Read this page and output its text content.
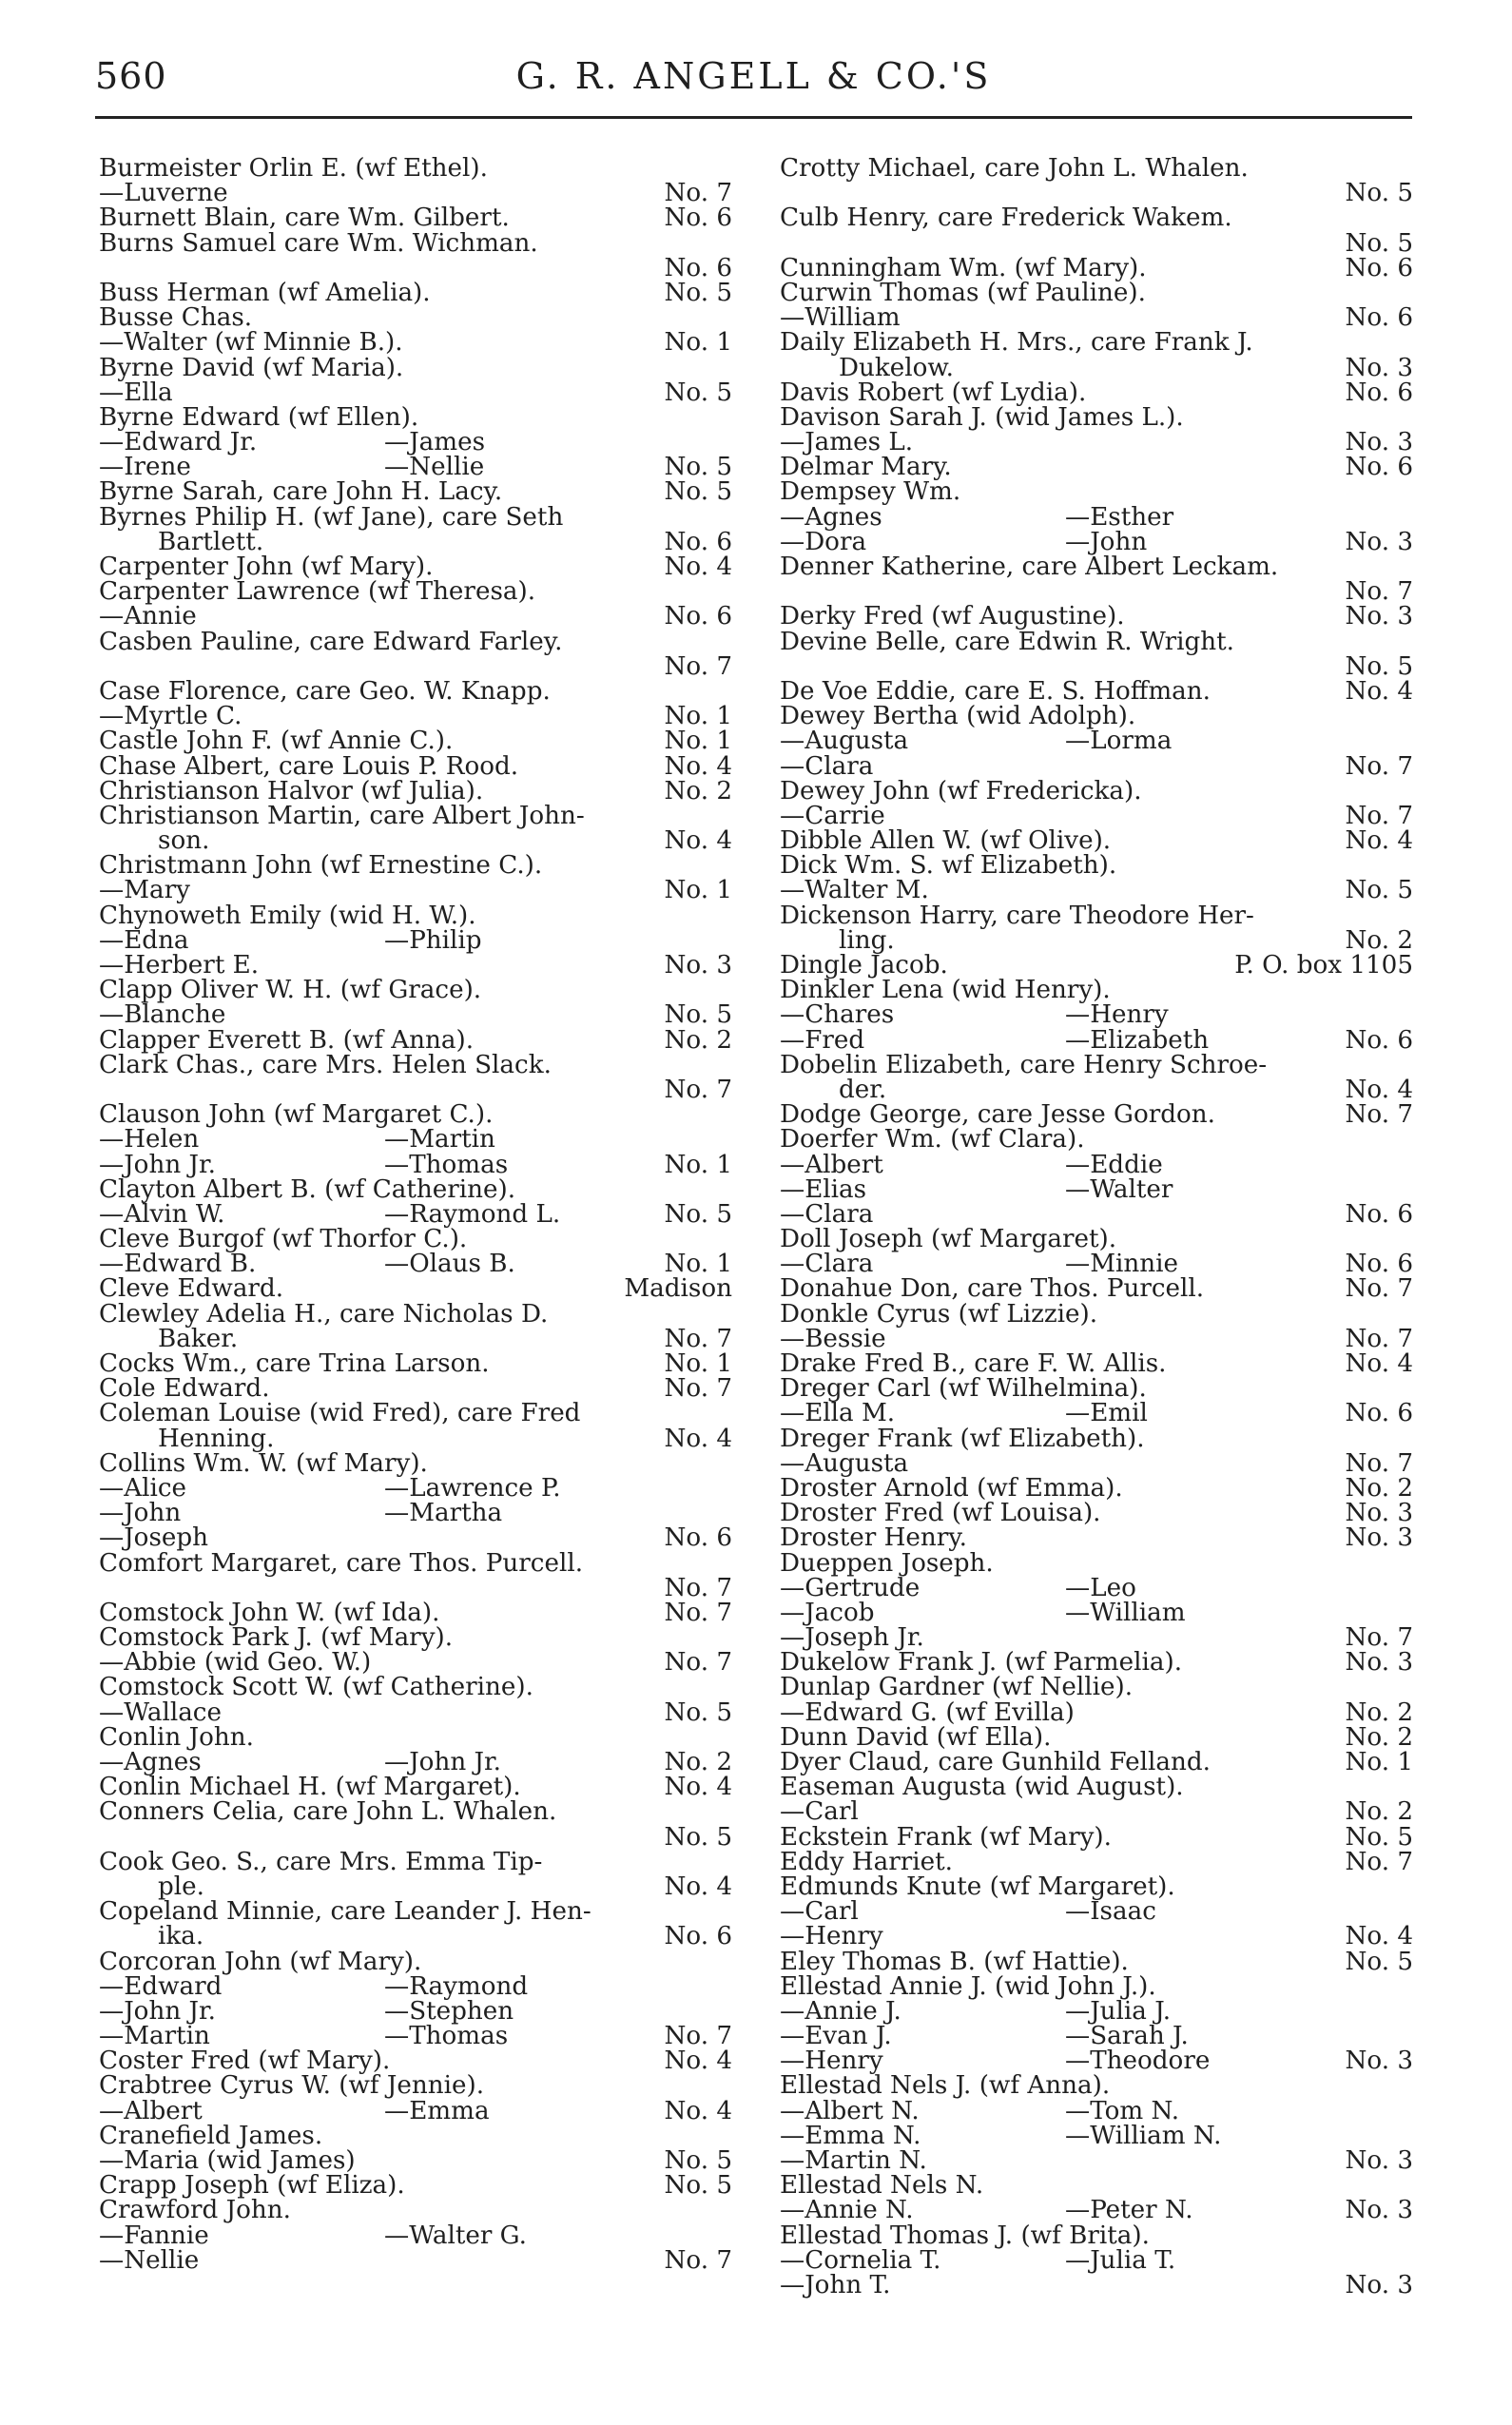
560	G. R. ANGELL & CO.'S
Burmeister Orlin E. (wf Ethel).
—Luverne	No. 7
Burnett Blain, care Wm. Gilbert.	No. 6
Burns Samuel care Wm. Wichman.
No. 6
Buss Herman (wf Amelia).	No. 5
Busse Chas.
—Walter (wf Minnie B.).	No. 1
Byrne David (wf Maria).
—Ella	No. 5
Byrne Edward (wf Ellen).
—Edward Jr.	—James
—Irene	—Nellie	No. 5
Byrne Sarah, care John H. Lacy.	No. 5
Byrnes Philip H. (wf Jane), care Seth
Bartlett.	No. 6
Carpenter John (wf Mary).	No. 4
Carpenter Lawrence (wf Theresa).
—Annie	No. 6
Casben Pauline, care Edward Farley.
No. 7
Case Florence, care Geo. W. Knapp.
—Myrtle C.	No. 1
Castle John F. (wf Annie C.).	No. 1
Chase Albert, care Louis P. Rood.	No. 4
Christianson Halvor (wf Julia).	No. 2
Christianson Martin, care Albert John-
son.	No. 4
Christmann John (wf Ernestine C.).
—Mary	No. 1
Chynoweth Emily (wid H. W.).
—Edna	—Philip
—Herbert E.	No. 3
Clapp Oliver W. H. (wf Grace).
—Blanche	No. 5
Clapper Everett B. (wf Anna).	No. 2
Clark Chas., care Mrs. Helen Slack.
No. 7
Clauson John (wf Margaret C.).
—Helen	—Martin
—John Jr.	—Thomas	No. 1
Clayton Albert B. (wf Catherine).
—Alvin W.	—Raymond L.	No. 5
Cleve Burgof (wf Thorfor C.).
—Edward B.	—Olaus B.	No. 1
Cleve Edward.	Madison
Clewley Adelia H., care Nicholas D.
Baker.	No. 7
Cocks Wm., care Trina Larson.	No. 1
Cole Edward.	No. 7
Coleman Louise (wid Fred), care Fred
Henning.	No. 4
Collins Wm. W. (wf Mary).
—Alice	—Lawrence P.
—John	—Martha
—Joseph	No. 6
Comfort Margaret, care Thos. Purcell.
No. 7
Comstock John W. (wf Ida).	No. 7
Comstock Park J. (wf Mary).
—Abbie (wid Geo. W.)	No. 7
Comstock Scott W. (wf Catherine).
—Wallace	No. 5
Conlin John.
—Agnes	—John Jr.	No. 2
Conlin Michael H. (wf Margaret).	No. 4
Conners Celia, care John L. Whalen.
No. 5
Cook Geo. S., care Mrs. Emma Tip-
ple.	No. 4
Copeland Minnie, care Leander J. Hen-
ika.	No. 6
Corcoran John (wf Mary).
—Edward	—Raymond
—John Jr.	—Stephen
—Martin	—Thomas	No. 7
Coster Fred (wf Mary).	No. 4
Crabtree Cyrus W. (wf Jennie).
—Albert	—Emma	No. 4
Cranefield James.
—Maria (wid James)	No. 5
Crapp Joseph (wf Eliza).	No. 5
Crawford John.
—Fannie	—Walter G.
—Nellie	No. 7
Crotty Michael, care John L. Whalen.
No. 5
Culb Henry, care Frederick Wakem.
No. 5
Cunningham Wm. (wf Mary).	No. 6
Curwin Thomas (wf Pauline).
—William	No. 6
Daily Elizabeth H. Mrs., care Frank J.
Dukelow.	No. 3
Davis Robert (wf Lydia).	No. 6
Davison Sarah J. (wid James L.).
—James L.	No. 3
Delmar Mary.	No. 6
Dempsey Wm.
—Agnes	—Esther
—Dora	—John	No. 3
Denner Katherine, care Albert Leckam.
No. 7
Derky Fred (wf Augustine).	No. 3
Devine Belle, care Edwin R. Wright.
No. 5
De Voe Eddie, care E. S. Hoffman.	No. 4
Dewey Bertha (wid Adolph).
—Augusta	—Lorma
—Clara	No. 7
Dewey John (wf Fredericka).
—Carrie	No. 7
Dibble Allen W. (wf Olive).	No. 4
Dick Wm. S. wf Elizabeth).
—Walter M.	No. 5
Dickenson Harry, care Theodore Her-
ling.	No. 2
Dingle Jacob.	P. O. box 1105
Dinkler Lena (wid Henry).
—Chares	—Henry
—Fred	—Elizabeth	No. 6
Dobelin Elizabeth, care Henry Schroe-
der.	No. 4
Dodge George, care Jesse Gordon.	No. 7
Doerfer Wm. (wf Clara).
—Albert	—Eddie
—Elias	—Walter
—Clara	No. 6
Doll Joseph (wf Margaret).
—Clara	—Minnie	No. 6
Donahue Don, care Thos. Purcell.	No. 7
Donkle Cyrus (wf Lizzie).
—Bessie	No. 7
Drake Fred B., care F. W. Allis.	No. 4
Dreger Carl (wf Wilhelmina).
—Ella M.	—Emil	No. 6
Dreger Frank (wf Elizabeth).
—Augusta	No. 7
Droster Arnold (wf Emma).	No. 2
Droster Fred (wf Louisa).	No. 3
Droster Henry.	No. 3
Dueppen Joseph.
—Gertrude	—Leo
—Jacob	—William
—Joseph Jr.	No. 7
Dukelow Frank J. (wf Parmelia).	No. 3
Dunlap Gardner (wf Nellie).
—Edward G. (wf Evilla)	No. 2
Dunn David (wf Ella).	No. 2
Dyer Claud, care Gunhild Felland.	No. 1
Easeman Augusta (wid August).
—Carl	No. 2
Eckstein Frank (wf Mary).	No. 5
Eddy Harriet.	No. 7
Edmunds Knute (wf Margaret).
—Carl	—Isaac
—Henry	No. 4
Eley Thomas B. (wf Hattie).	No. 5
Ellestad Annie J. (wid John J.).
—Annie J.	—Julia J.
—Evan J.	—Sarah J.
—Henry	—Theodore	No. 3
Ellestad Nels J. (wf Anna).
—Albert N.	—Tom N.
—Emma N.	—William N.
—Martin N.	No. 3
Ellestad Nels N.
—Annie N.	—Peter N.	No. 3
Ellestad Thomas J. (wf Brita).
—Cornelia T.	—Julia T.
—John T.	No. 3
